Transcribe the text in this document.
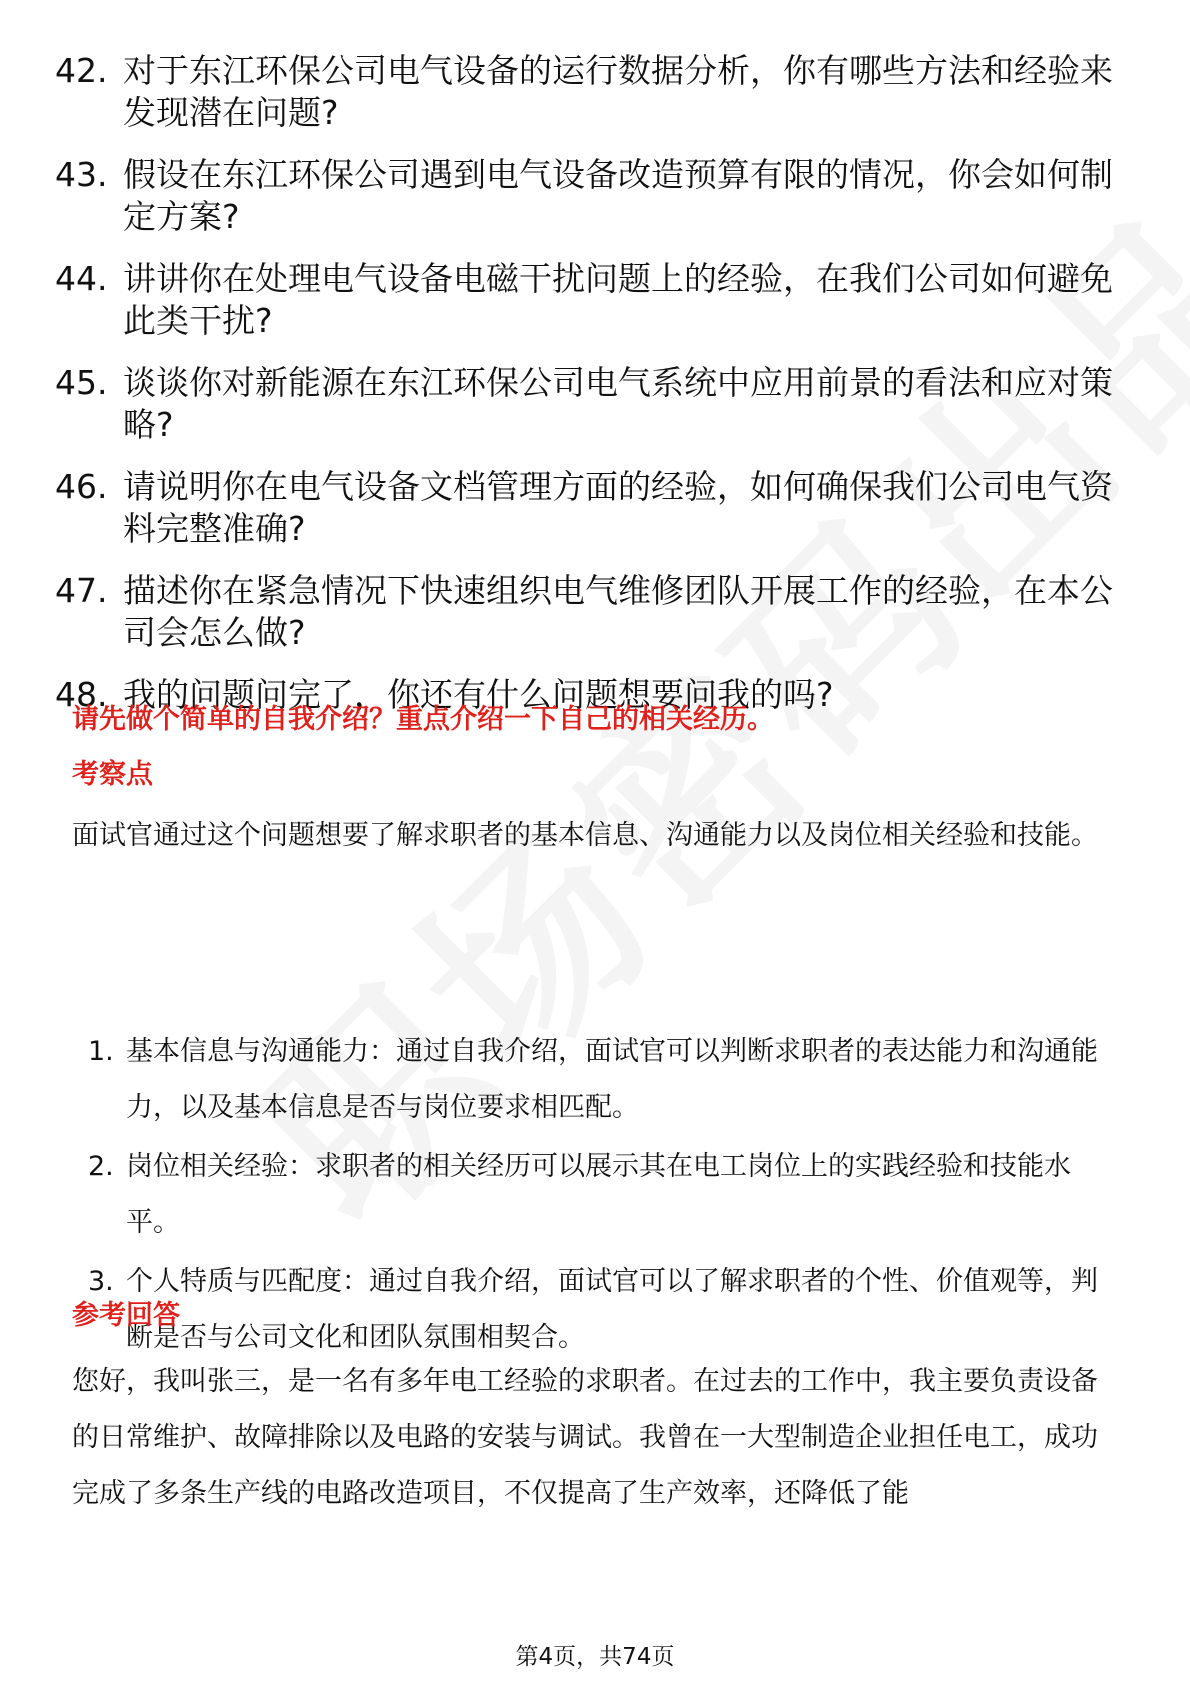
42. 对于东江环保公司电气设备的运行数据分析，你有哪些方法和经验来发现潜在问题?
43. 假设在东江环保公司遇到电气设备改造预算有限的情况，你会如何制定方案?
44. 讲讲你在处理电气设备电磁干扰问题上的经验，在我们公司如何避免此类干扰?
45. 谈谈你对新能源在东江环保公司电气系统中应用前景的看法和应对策略?
46. 请说明你在电气设备文档管理方面的经验，如何确保我们公司电气资料完整准确?
47. 描述你在紧急情况下快速组织电气维修团队开展工作的经验，在本公司会怎么做?
48. 我的问题问完了，你还有什么问题想要问我的吗?
请先做个简单的自我介绍？重点介绍一下自己的相关经历。
考察点
面试官通过这个问题想要了解求职者的基本信息、沟通能力以及岗位相关经验和技能。
1. 基本信息与沟通能力：通过自我介绍，面试官可以判断求职者的表达能力和沟通能力，以及基本信息是否与岗位要求相匹配。
2. 岗位相关经验：求职者的相关经历可以展示其在电工岗位上的实践经验和技能水平。
3. 个人特质与匹配度：通过自我介绍，面试官可以了解求职者的个性、价值观等，判断是否与公司文化和团队氛围相契合。
参考回答
您好，我叫张三，是一名有多年电工经验的求职者。在过去的工作中，我主要负责设备的日常维护、故障排除以及电路的安装与调试。我曾在一大型制造企业担任电工，成功完成了多条生产线的电路改造项目，不仅提高了生产效率，还降低了能
第4页，共74页
